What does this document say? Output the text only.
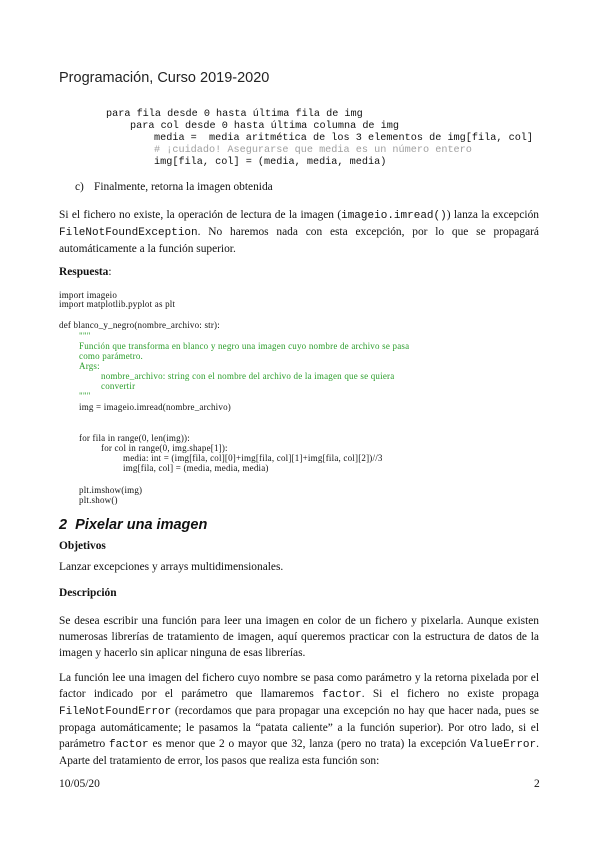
Programación, Curso 2019-2020
para fila desde 0 hasta última fila de img
para col desde 0 hasta última columna de img
media =  media aritmética de los 3 elementos de img[fila, col]
# ¡cuidado! Asegurarse que media es un número entero
img[fila, col] = (media, media, media)
c) Finalmente, retorna la imagen obtenida
Si el fichero no existe, la operación de lectura de la imagen (imageio.imread()) lanza la excepción FileNotFoundException. No haremos nada con esta excepción, por lo que se propagará automáticamente a la función superior.
Respuesta:
import imageio
import matplotlib.pyplot as plt
def blanco_y_negro(nombre_archivo: str):
"""
Función que transforma en blanco y negro una imagen cuyo nombre de archivo se pasa
como parámetro.
Args:
nombre_archivo: string con el nombre del archivo de la imagen que se quiera
convertir
"""
img = imageio.imread(nombre_archivo)
for fila in range(0, len(img)):
for col in range(0, img.shape[1]):
media: int = (img[fila, col][0]+img[fila, col][1]+img[fila, col][2])//3
img[fila, col] = (media, media, media)
plt.imshow(img)
plt.show()
2 Pixelar una imagen
Objetivos
Lanzar excepciones y arrays multidimensionales.
Descripción
Se desea escribir una función para leer una imagen en color de un fichero y pixelarla. Aunque existen numerosas librerías de tratamiento de imagen, aquí queremos practicar con la estructura de datos de la imagen y hacerlo sin aplicar ninguna de esas librerías.
La función lee una imagen del fichero cuyo nombre se pasa como parámetro y la retorna pixelada por el factor indicado por el parámetro que llamaremos factor. Si el fichero no existe propaga FileNotFoundError (recordamos que para propagar una excepción no hay que hacer nada, pues se propaga automáticamente; le pasamos la “patata caliente” a la función superior). Por otro lado, si el parámetro factor es menor que 2 o mayor que 32, lanza (pero no trata) la excepción ValueError. Aparte del tratamiento de error, los pasos que realiza esta función son:
10/05/20	2
